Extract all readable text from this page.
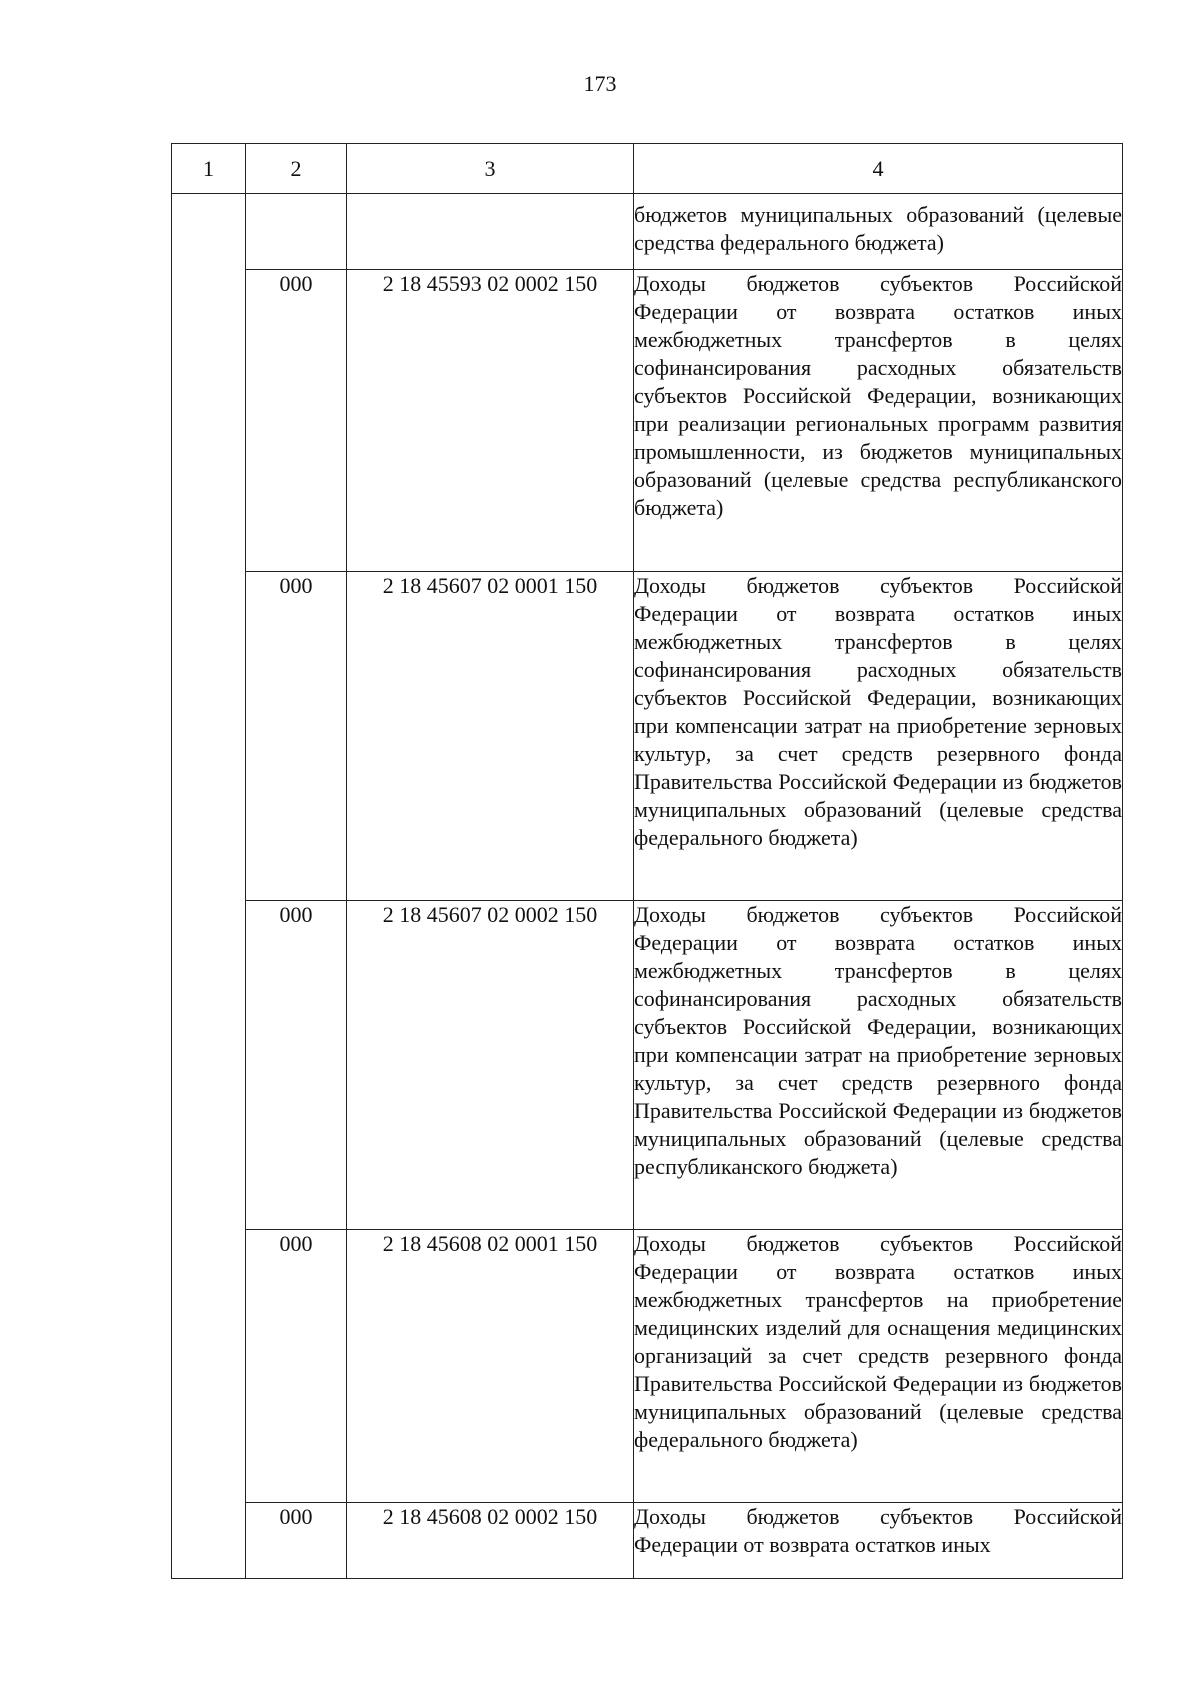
173
1	2	3	4
			бюджетов муниципальных образований (целевые средства федерального бюджета)
	000	2 18 45593 02 0002 150	Доходы бюджетов субъектов Российской Федерации от возврата остатков иных межбюджетных трансфертов в целях софинансирования расходных обязательств субъектов Российской Федерации, возникающих при реализации региональных программ развития промышленности, из бюджетов муниципальных образований (целевые средства республиканского бюджета)
	000	2 18 45607 02 0001 150	Доходы бюджетов субъектов Российской Федерации от возврата остатков иных межбюджетных трансфертов в целях софинансирования расходных обязательств субъектов Российской Федерации, возникающих при компенсации затрат на приобретение зерновых культур, за счет средств резервного фонда Правительства Российской Федерации из бюджетов муниципальных образований (целевые средства федерального бюджета)
	000	2 18 45607 02 0002 150	Доходы бюджетов субъектов Российской Федерации от возврата остатков иных межбюджетных трансфертов в целях софинансирования расходных обязательств субъектов Российской Федерации, возникающих при компенсации затрат на приобретение зерновых культур, за счет средств резервного фонда Правительства Российской Федерации из бюджетов муниципальных образований (целевые средства республиканского бюджета)
	000	2 18 45608 02 0001 150	Доходы бюджетов субъектов Российской Федерации от возврата остатков иных межбюджетных трансфертов на приобретение медицинских изделий для оснащения медицинских организаций за счет средств резервного фонда Правительства Российской Федерации из бюджетов муниципальных образований (целевые средства федерального бюджета)
	000	2 18 45608 02 0002 150	Доходы бюджетов субъектов Российской Федерации от возврата остатков иных
